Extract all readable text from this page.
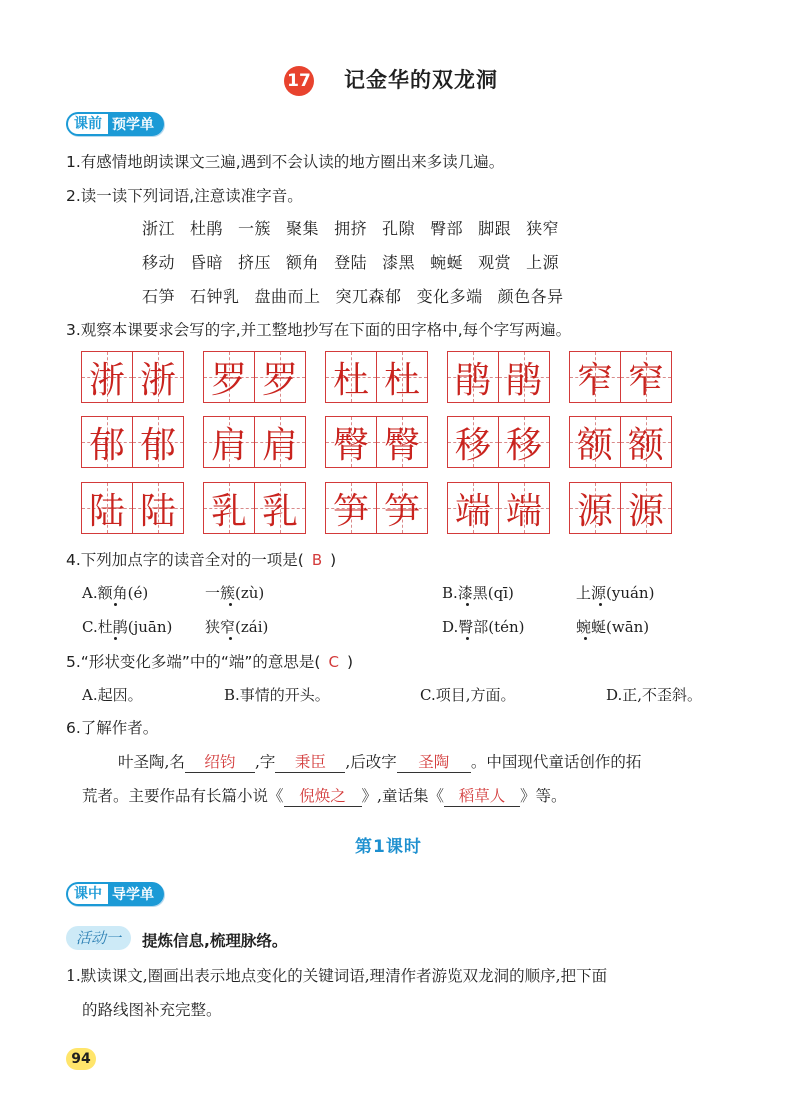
17 记金华的双龙洞
课前 预学单
1.有感情地朗读课文三遍,遇到不会认读的地方圈出来多读几遍。
2.读一读下列词语,注意读准字音。
浙江 杜鹃 一簇 聚集 拥挤 孔隙 臀部 脚跟 狭窄
移动 昏暗 挤压 额角 登陆 漆黑 蜿蜒 观赏 上源
石笋 石钟乳 盘曲而上 突兀森郁 变化多端 颜色各异
3.观察本课要求会写的字,并工整地抄写在下面的田字格中,每个字写两遍。
浙 浙 罗 罗 杜 杜 鹃 鹃 窄 窄
郁 郁 肩 肩 臀 臀 移 移 额 额
陆 陆 乳 乳 笋 笋 端 端 源 源
4.下列加点字的读音全对的一项是( B )
A.额角(é)	一簇(zù)	B.漆黑(qī)	上源(yuán)
C.杜鹃(juān) 狭窄(zái)	D.臀部(tén)	蜿蜒(wān)
5.“形状变化多端”中的“端”的意思是( C )
A.起因。	B.事情的开头。	C.项目,方面。	D.正,不歪斜。
6.了解作者。
叶圣陶,名 绍钧 ,字 秉臣 ,后改字 圣陶 。中国现代童话创作的拓
荒者。主要作品有长篇小说《 倪焕之 》,童话集《 稻草人 》等。
第1课时
课中 导学单
活动一	提炼信息,梳理脉络。
1.默读课文,圈画出表示地点变化的关键词语,理清作者游览双龙洞的顺序,把下面
的路线图补充完整。
94
